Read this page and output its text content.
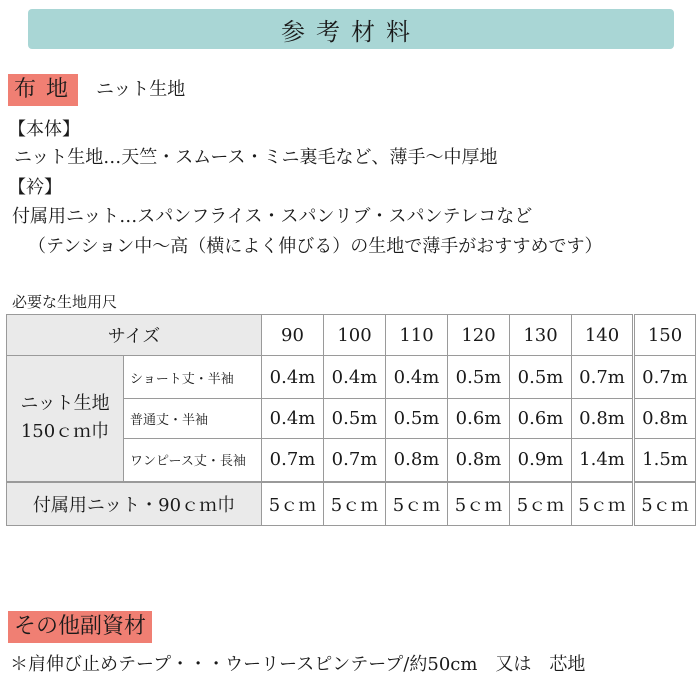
参考材料
布地 ニット生地
【本体】
ニット生地…天竺・スムース・ミニ裏毛など、薄手～中厚地
【衿】
付属用ニット…スパンフライス・スパンリブ・スパンテレコなど
（テンション中～高（横によく伸びる）の生地で薄手がおすすめです）
必要な生地用尺
サイズ		90	100	110	120	130	140	150

ニット生地
150ｃｍ巾	ショート丈・半袖	0.4m	0.4m	0.4m	0.5m	0.5m	0.7m	0.7m
	普通丈・半袖	0.4m	0.5m	0.5m	0.6m	0.6m	0.8m	0.8m
	ワンピース丈・長袖	0.7m	0.7m	0.8m	0.8m	0.9m	1.4m	1.5m
付属用ニット・90ｃｍ巾		5ｃｍ	5ｃｍ	5ｃｍ	5ｃｍ	5ｃｍ	5ｃｍ	5ｃｍ
その他副資材
＊肩伸び止めテープ・・・ウーリースピンテープ/約50cm　又は　芯地
